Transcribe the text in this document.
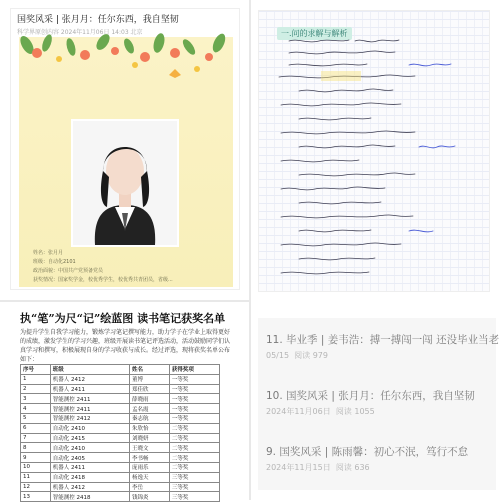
国奖风采 | 张月月：任尔东西，我自坚韧
科学界原创内容 2024年11月06日 14:03 北京
姓名：张月月
班级：自动化2101
政治面貌：中国共产党预备党员
获奖情况：国家奖学金，校优秀学生，校优秀共青团员，省级...
一.问的求解与解析
执“笔”为尺“记”绘蓝图 读书笔记获奖名单
为提升学生自我学习能力，锻炼学习笔记撰写能力，助力学子在学业上取得更好的成绩，激发学生的学习兴趣，班级开展读书笔记评选活动，活动鼓励同学们认真学习和撰写，积极展现自身的学习收获与成长。经过评选，现将获奖名单公布如下：
序号	班级	姓名	获得奖项
1	机器人 2412	董博	一等奖
2	机器人 2411	郑佳欣	一等奖
3	智能测控 2411	薛晓雨	一等奖
4	智能测控 2411	孟名霞	一等奖
5	智能测控 2412	秦志航	一等奖
6	自动化 2410	朱欣怡	二等奖
7	自动化 2415	刘晓妍	二等奖
8	自动化 2410	王晓文	二等奖
9	自动化 2405	李书畅	二等奖
10	机器人 2411	庞雨乐	二等奖
11	自动化 2418	杨逸天	三等奖
12	机器人 2412	李岳	三等奖
13	智能测控 2418	钱锦炎	三等奖
11. 毕业季 | 姜韦浩：搏一搏闯一闯 还没毕业当老
05/15 阅读 979
10. 国奖风采 | 张月月：任尔东西，我自坚韧
2024年11月06日 阅读 1055
9. 国奖风采 | 陈雨馨：初心不泯，笃行不怠
2024年11月15日 阅读 636
